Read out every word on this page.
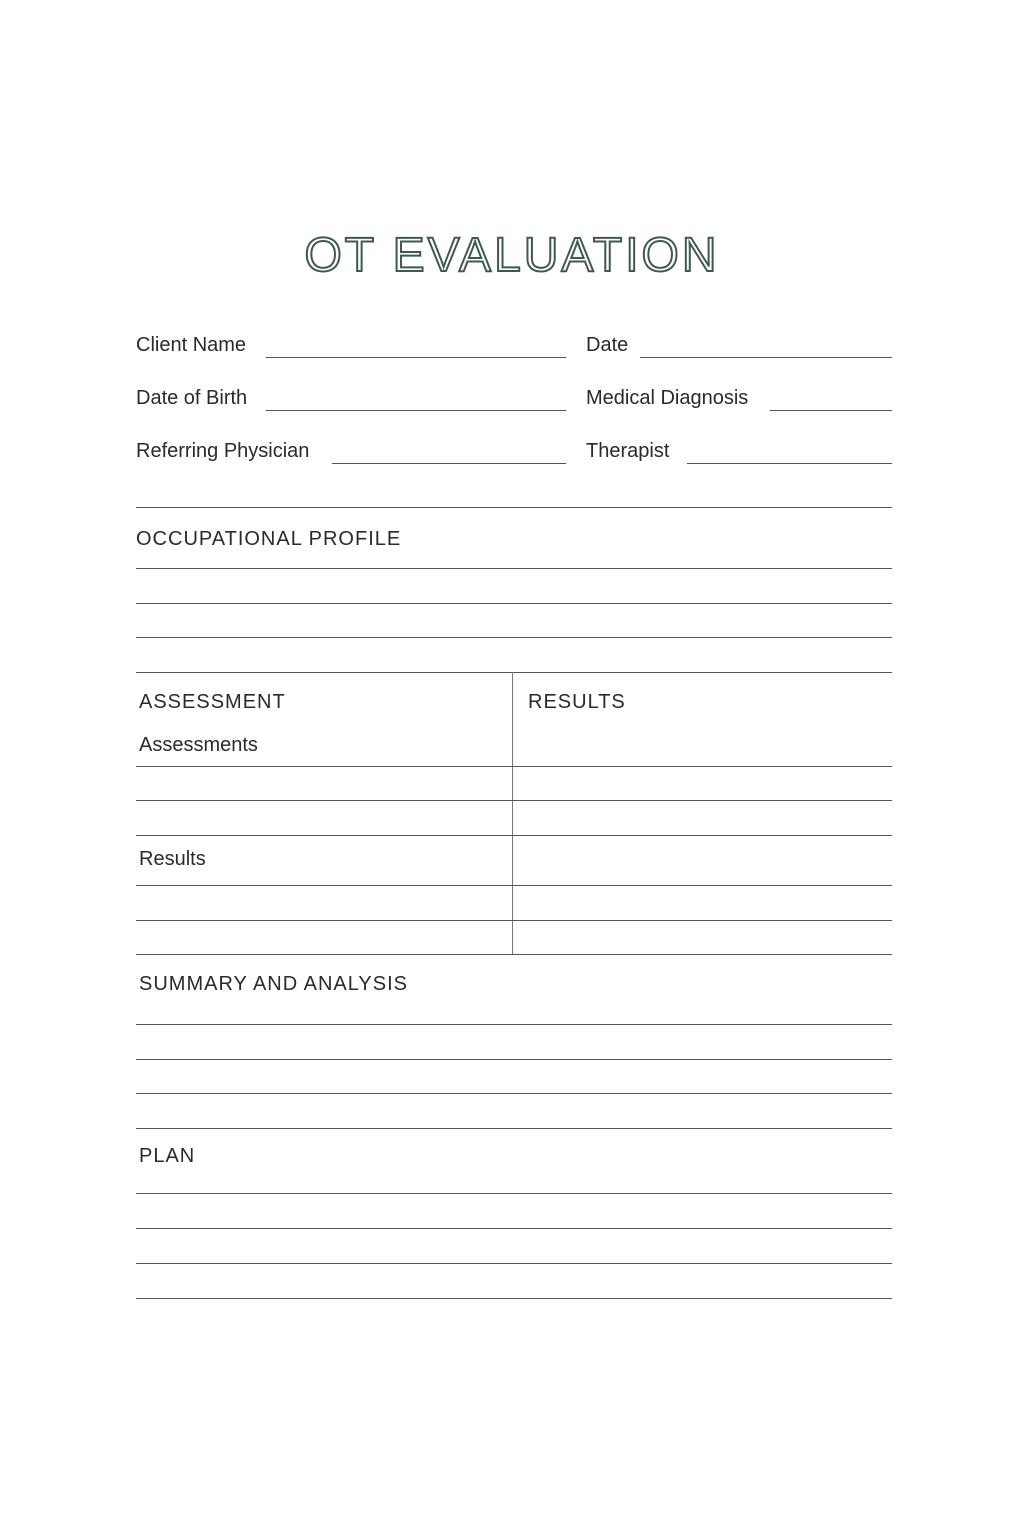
OT EVALUATION
Client Name	Date
Date of Birth	Medical Diagnosis
Referring Physician	Therapist
OCCUPATIONAL PROFILE
ASSESSMENT	RESULTS
Assessments
Results
SUMMARY AND ANALYSIS
PLAN
